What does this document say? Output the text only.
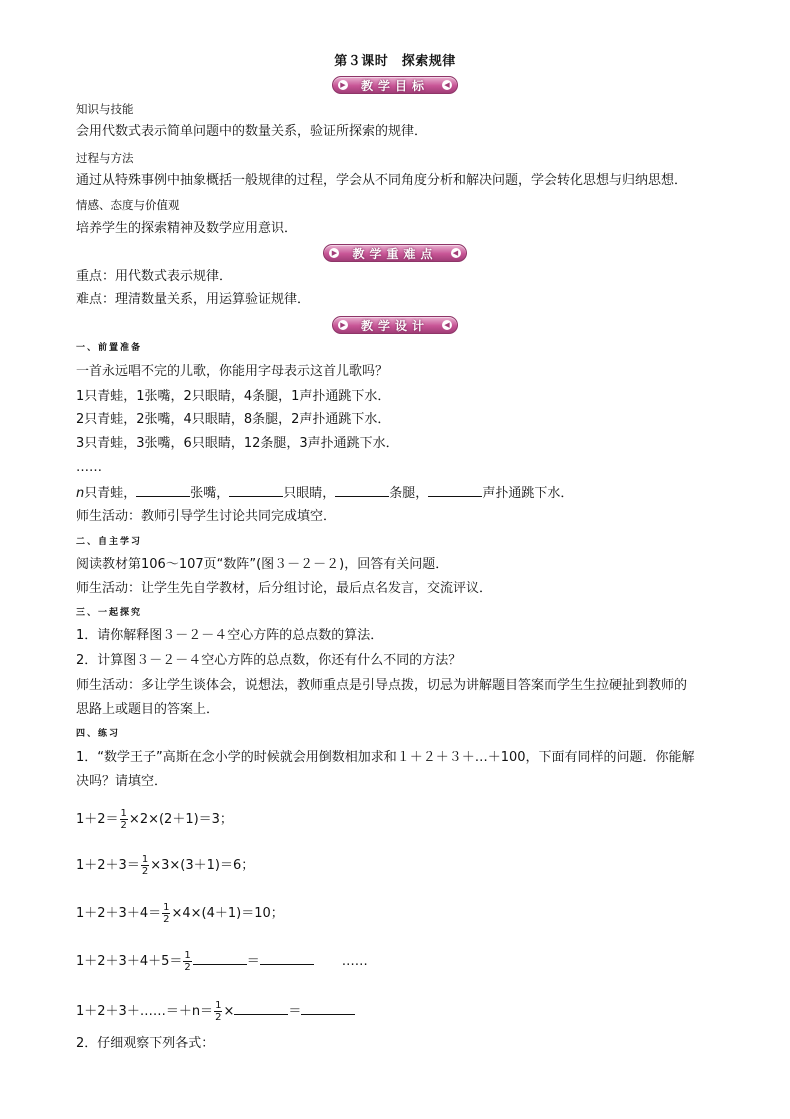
第３课时　探索规律
▶ 教学目标	◀
知识与技能
会用代数式表示简单问题中的数量关系，验证所探索的规律．
过程与方法
通过从特殊事例中抽象概括一般规律的过程，学会从不同角度分析和解决问题，学会转化思想与归纳思想．
情感、态度与价值观
培养学生的探索精神及数学应用意识．
▶ 教学重难点	◀
重点：用代数式表示规律．
难点：理清数量关系，用运算验证规律．
▶ 教学设计	◀
一、前置准备
一首永远唱不完的儿歌，你能用字母表示这首儿歌吗？
1只青蛙，1张嘴，2只眼睛，4条腿，1声扑通跳下水．
2只青蛙，2张嘴，4只眼睛，8条腿，2声扑通跳下水．
3只青蛙，3张嘴，6只眼睛，12条腿，3声扑通跳下水．
……
n只青蛙，	张嘴，	只眼睛，	条腿，	声扑通跳下水．
师生活动：教师引导学生讨论共同完成填空．
二、自主学习
阅读教材第106～107页“数阵”(图３－２－２)，回答有关问题．
师生活动：让学生先自学教材，后分组讨论，最后点名发言，交流评议．
三、一起探究
1．请你解释图３－２－４空心方阵的总点数的算法．
2．计算图３－２－４空心方阵的总点数，你还有什么不同的方法？
师生活动：多让学生谈体会，说想法，教师重点是引导点拨，切忌为讲解题目答案而学生生拉硬扯到教师的
思路上或题目的答案上．
四、练习
1．“数学王子”高斯在念小学的时候就会用倒数相加求和１＋２＋３＋…＋100，下面有同样的问题．你能解
决吗？请填空．
$1+2= \frac{1}{2} \times 2\times(2+1)=3$；
$1+2+3= \frac{1}{2} \times 3\times(3+1)=6$；
$1+2+3+4= \frac{1}{2} \times 4\times(4+1)=10$；
$1+2+3+4+5= \frac{1}{2}$	＝	……
1＋2＋3＋……＝＋n＝ $\frac{1}{2}$ ×	＝
2．仔细观察下列各式：
